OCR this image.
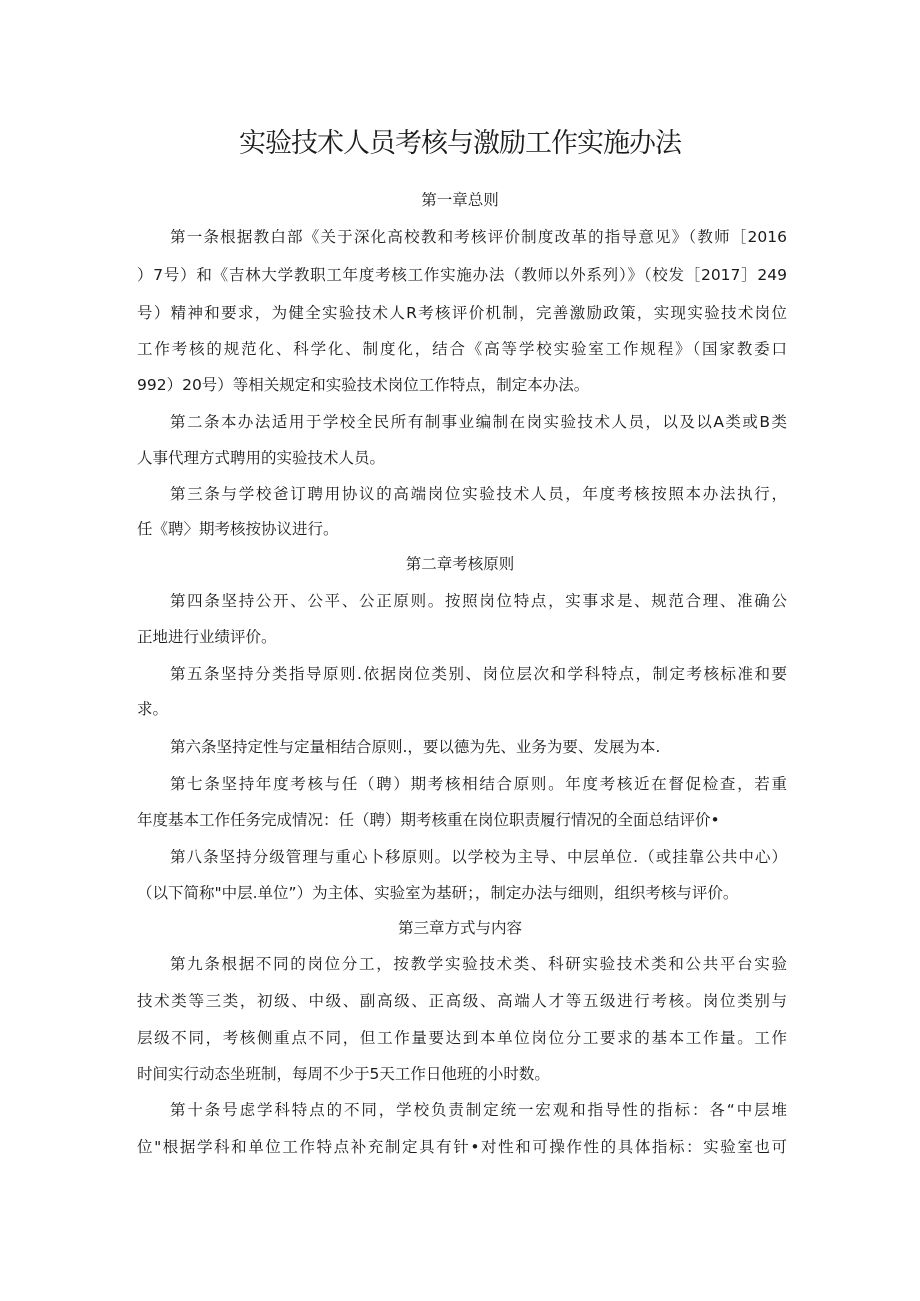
实验技术人员考核与激励工作实施办法
第一章总则
第一条根据教白部《关于深化高校教和考核评价制度改革的指导意见》（教师［2016
）7号）和《吉林大学教职工年度考核工作实施办法（教师以外系列）》（校发［2017］249
号）精神和要求，为健全实验技术人R考核评价机制，完善激励政策，实现实验技术岗位
工作考核的规范化、科学化、制度化，结合《高等学校实验室工作规程》（国家教委口
992）20号）等相关规定和实验技术岗位工作特点，制定本办法。
第二条本办法适用于学校全民所有制事业编制在岗实验技术人员，以及以A类或B类
人事代理方式聘用的实验技术人员。
第三条与学校爸订聘用协议的高端岗位实验技术人员，年度考核按照本办法执行，
任《聘〉期考核按协议进行。
第二章考核原则
第四条坚持公开、公平、公正原则。按照岗位特点，实事求是、规范合理、准确公
正地进行业绩评价。
第五条坚持分类指导原则.依据岗位类别、岗位层次和学科特点，制定考核标准和要
求。
第六条坚持定性与定量相结合原则.，要以德为先、业务为要、发展为本.
第七条坚持年度考核与任（聘）期考核相结合原则。年度考核近在督促检查，若重
年度基本工作任务完成情况：任（聘）期考核重在岗位职责履行情况的全面总结评价•
第八条坚持分级管理与重心卜移原则。以学校为主导、中层单位.（或挂靠公共中心）
（以下简称"中层.单位”）为主体、实验室为基研；，制定办法与细则，组织考核与评价。
第三章方式与内容
第九条根据不同的岗位分工，按教学实验技术类、科研实验技术类和公共平台实验
技术类等三类，初级、中级、副高级、正高级、高端人才等五级进行考核。岗位类别与
层级不同，考核侧重点不同，但工作量要达到本单位岗位分工要求的基本工作量。工作
时间实行动态坐班制，每周不少于5天工作日他班的小时数。
第十条号虑学科特点的不同，学校负责制定统一宏观和指导性的指标：各“中层堆
位"根据学科和单位工作特点补充制定具有针•对性和可操作性的具体指标：实验室也可
